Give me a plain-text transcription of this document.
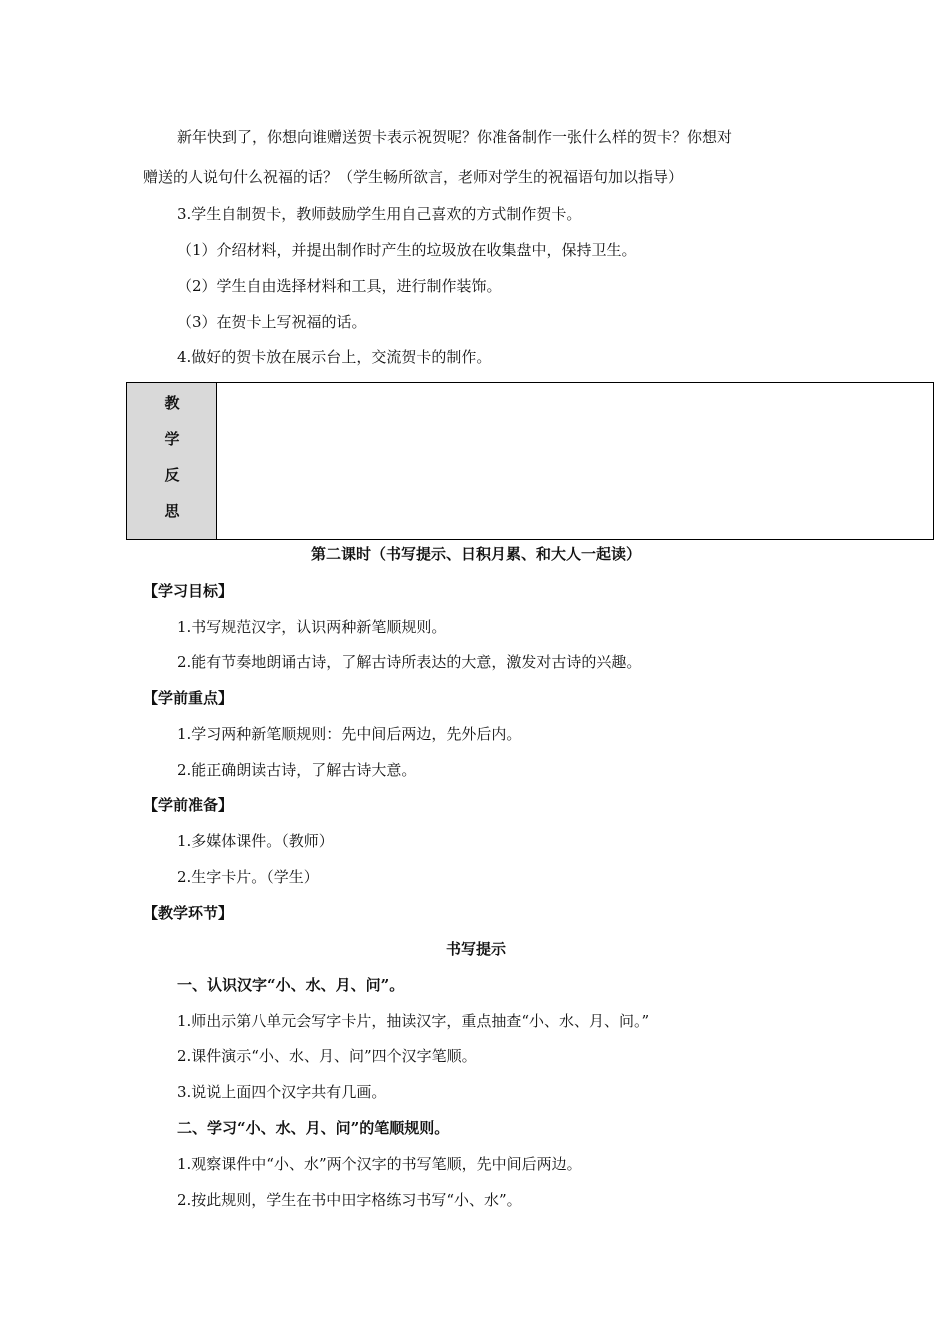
新年快到了，你想向谁赠送贺卡表示祝贺呢？你准备制作一张什么样的贺卡？你想对
赠送的人说句什么祝福的话？（学生畅所欲言，老师对学生的祝福语句加以指导）
3.学生自制贺卡，教师鼓励学生用自己喜欢的方式制作贺卡。
（1）介绍材料，并提出制作时产生的垃圾放在收集盘中，保持卫生。
（2）学生自由选择材料和工具，进行制作装饰。
（3）在贺卡上写祝福的话。
4.做好的贺卡放在展示台上，交流贺卡的制作。
教
学
反
思
第二课时（书写提示、日积月累、和大人一起读）
【学习目标】
1.书写规范汉字，认识两种新笔顺规则。
2.能有节奏地朗诵古诗，了解古诗所表达的大意，激发对古诗的兴趣。
【学前重点】
1.学习两种新笔顺规则：先中间后两边，先外后内。
2.能正确朗读古诗，了解古诗大意。
【学前准备】
1.多媒体课件。（教师）
2.生字卡片。（学生）
【教学环节】
书写提示
一、认识汉字“小、水、月、问”。
1.师出示第八单元会写字卡片，抽读汉字，重点抽查“小、水、月、问。”
2.课件演示“小、水、月、问”四个汉字笔顺。
3.说说上面四个汉字共有几画。
二、学习“小、水、月、问”的笔顺规则。
1.观察课件中“小、水”两个汉字的书写笔顺，先中间后两边。
2.按此规则，学生在书中田字格练习书写“小、水”。
